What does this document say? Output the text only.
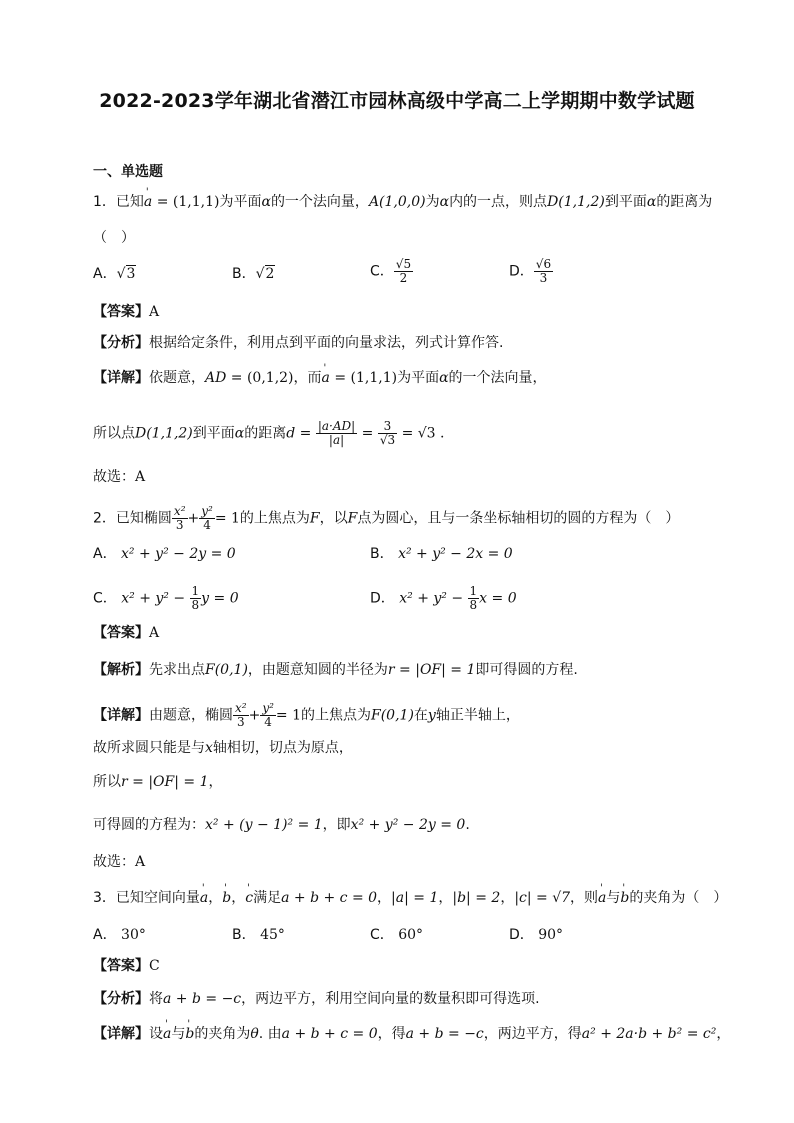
2022-2023学年湖北省潜江市园林高级中学高二上学期期中数学试题
一、单选题
1．已知' a = (1,1,1)为平面α的一个法向量，A(1,0,0)为α内的一点，则点D(1,1,2)到平面α的距离为
（　）
A．√3	B．√2	C． $\frac{√5}{2}$	D． $\frac{√6}{3}$
【答案】A
【分析】根据给定条件，利用点到平面的向量求法，列式计算作答.
【详解】依题意，AD = (0,1,2)，而' a = (1,1,1)为平面α的一个法向量，
所以点D(1,1,2)到平面α的距离$d = \frac{|a\cdot AD|}{|a|} = \frac{3}{√3} = √3$ .
故选：A
2．已知椭圆 $\frac{\text{x²}}{3} + \frac{\text{y²}}{4} = 1$的上焦点为F，以F点为圆心，且与一条坐标轴相切的圆的方程为（　）
A． x² + y² − 2y = 0	B． x² + y² − 2x = 0
C． $x^2 + y^2 - \frac{1}{8}$ y = 0	D． $x^2 + y^2 - \frac{1}{8}$ x = 0
【答案】A
【解析】先求出点F(0,1)，由题意知圆的半径为r = |OF| = 1即可得圆的方程.
【详解】由题意，椭圆 $\frac{\text{x²}}{3} + \frac{\text{y²}}{4} = 1$的上焦点为F(0,1)在y轴正半轴上，
故所求圆只能是与x轴相切，切点为原点，
所以r = |OF| = 1，
可得圆的方程为：x² + (y − 1)² = 1，即x² + y² − 2y = 0.
故选：A
3．已知空间向量' a，' b，' c满足a + b + c = 0，|a| = 1，|b| = 2，|c| = √7，则' a与' b的夹角为（　）
A． 30°	B． 45°	C． 60°	D． 90°
【答案】C
【分析】将a + b = −c，两边平方，利用空间向量的数量积即可得选项.
【详解】设' a与' b的夹角为θ. 由a + b + c = 0，得a + b = −c，两边平方，得a² + 2a·b + b² = c²，
